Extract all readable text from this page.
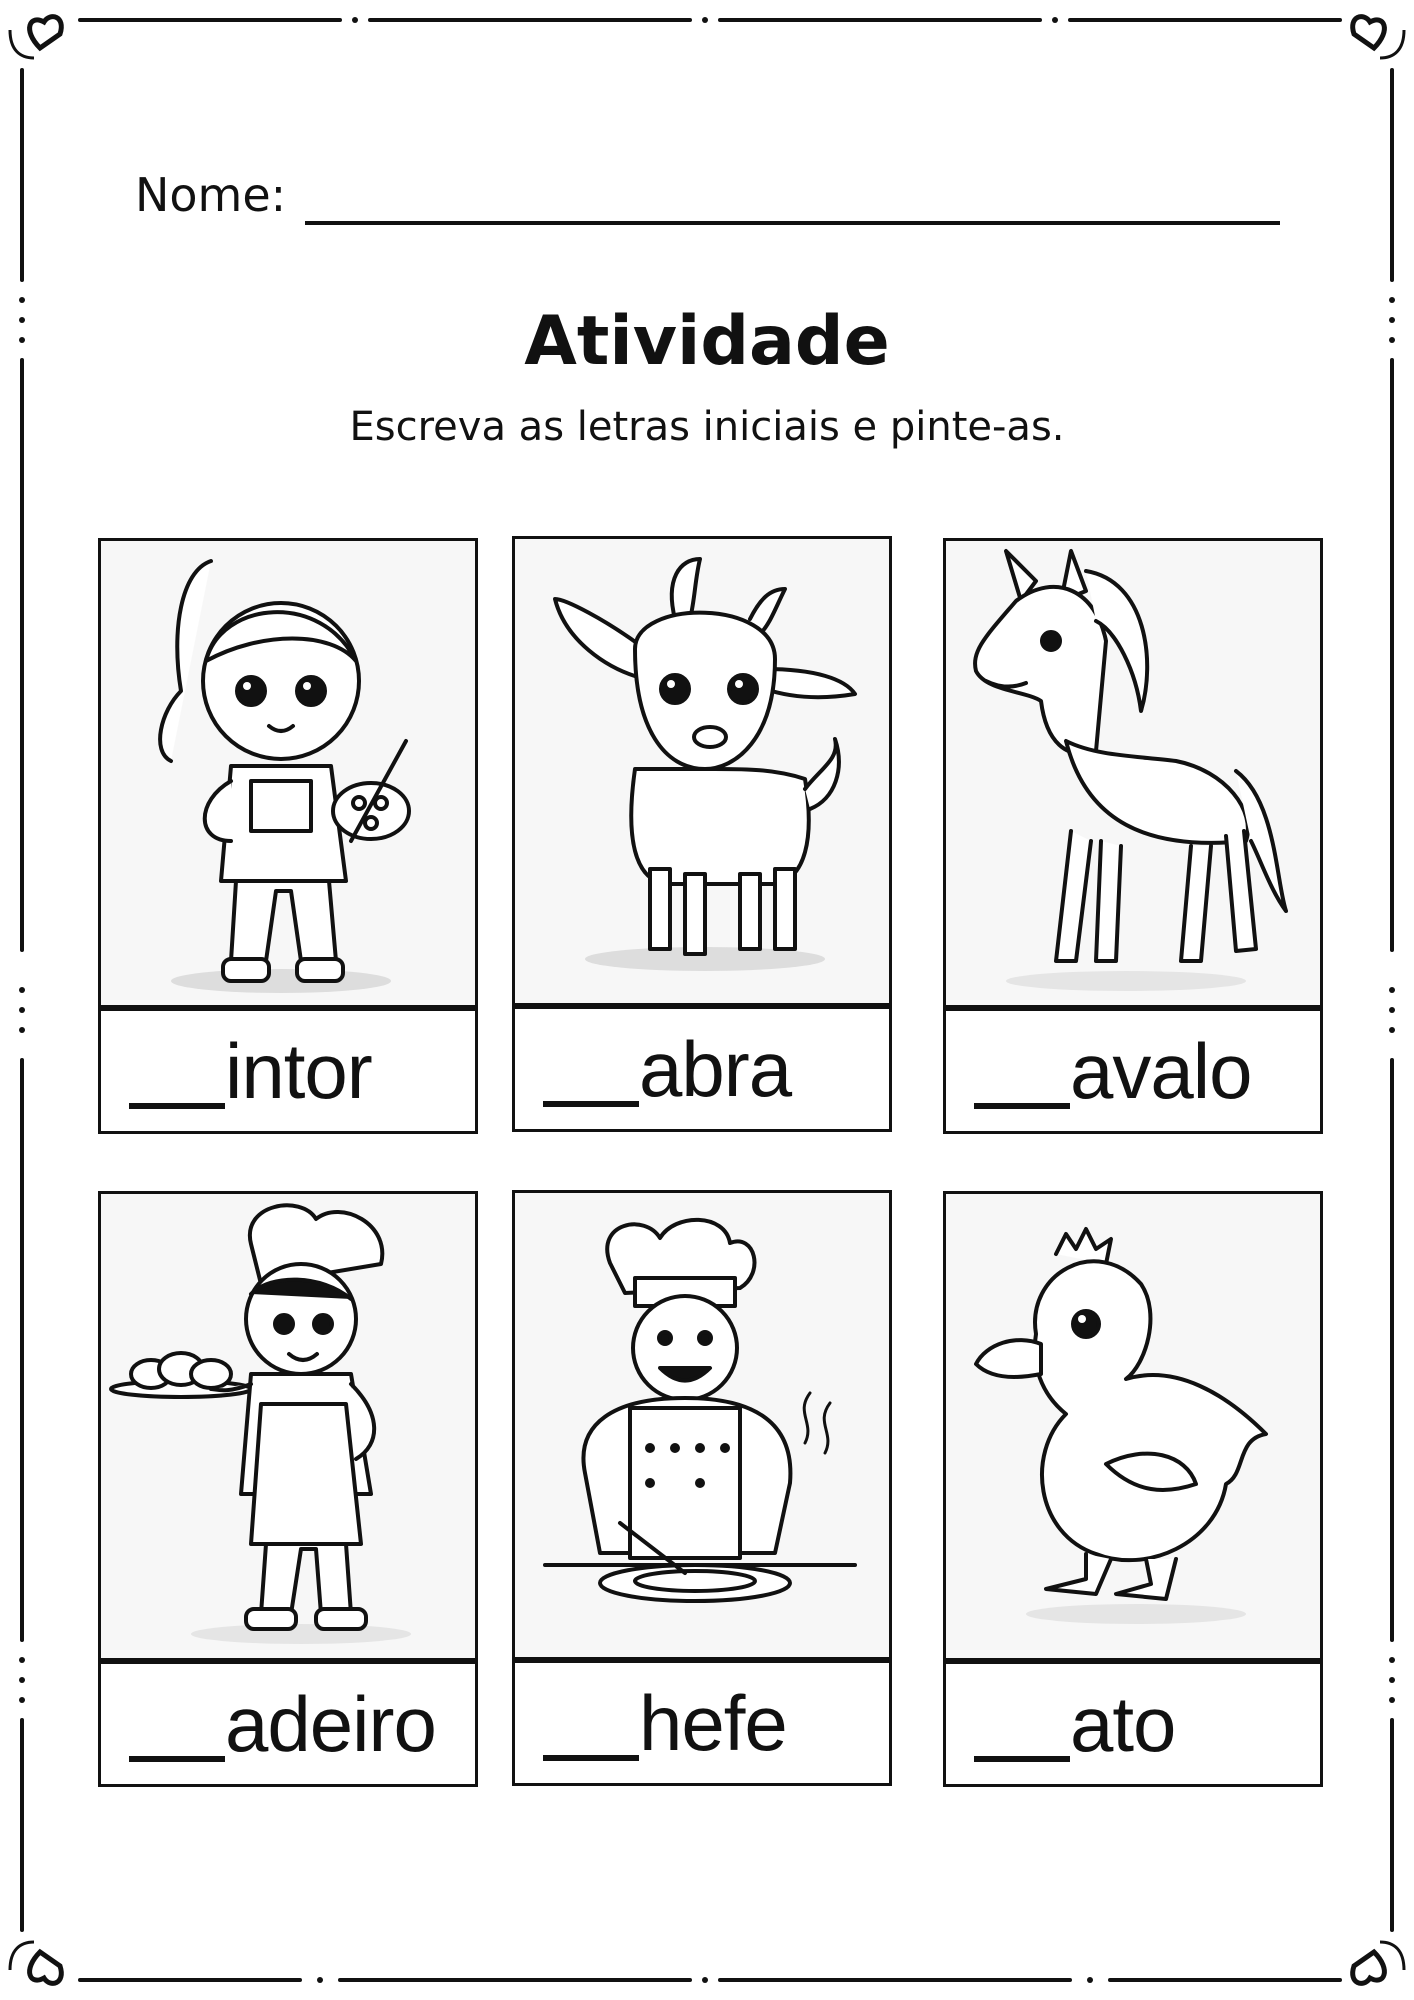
Nome:
Atividade
Escreva as letras iniciais e pinte-as.
intor	abra	avalo
adeiro	hefe	ato
